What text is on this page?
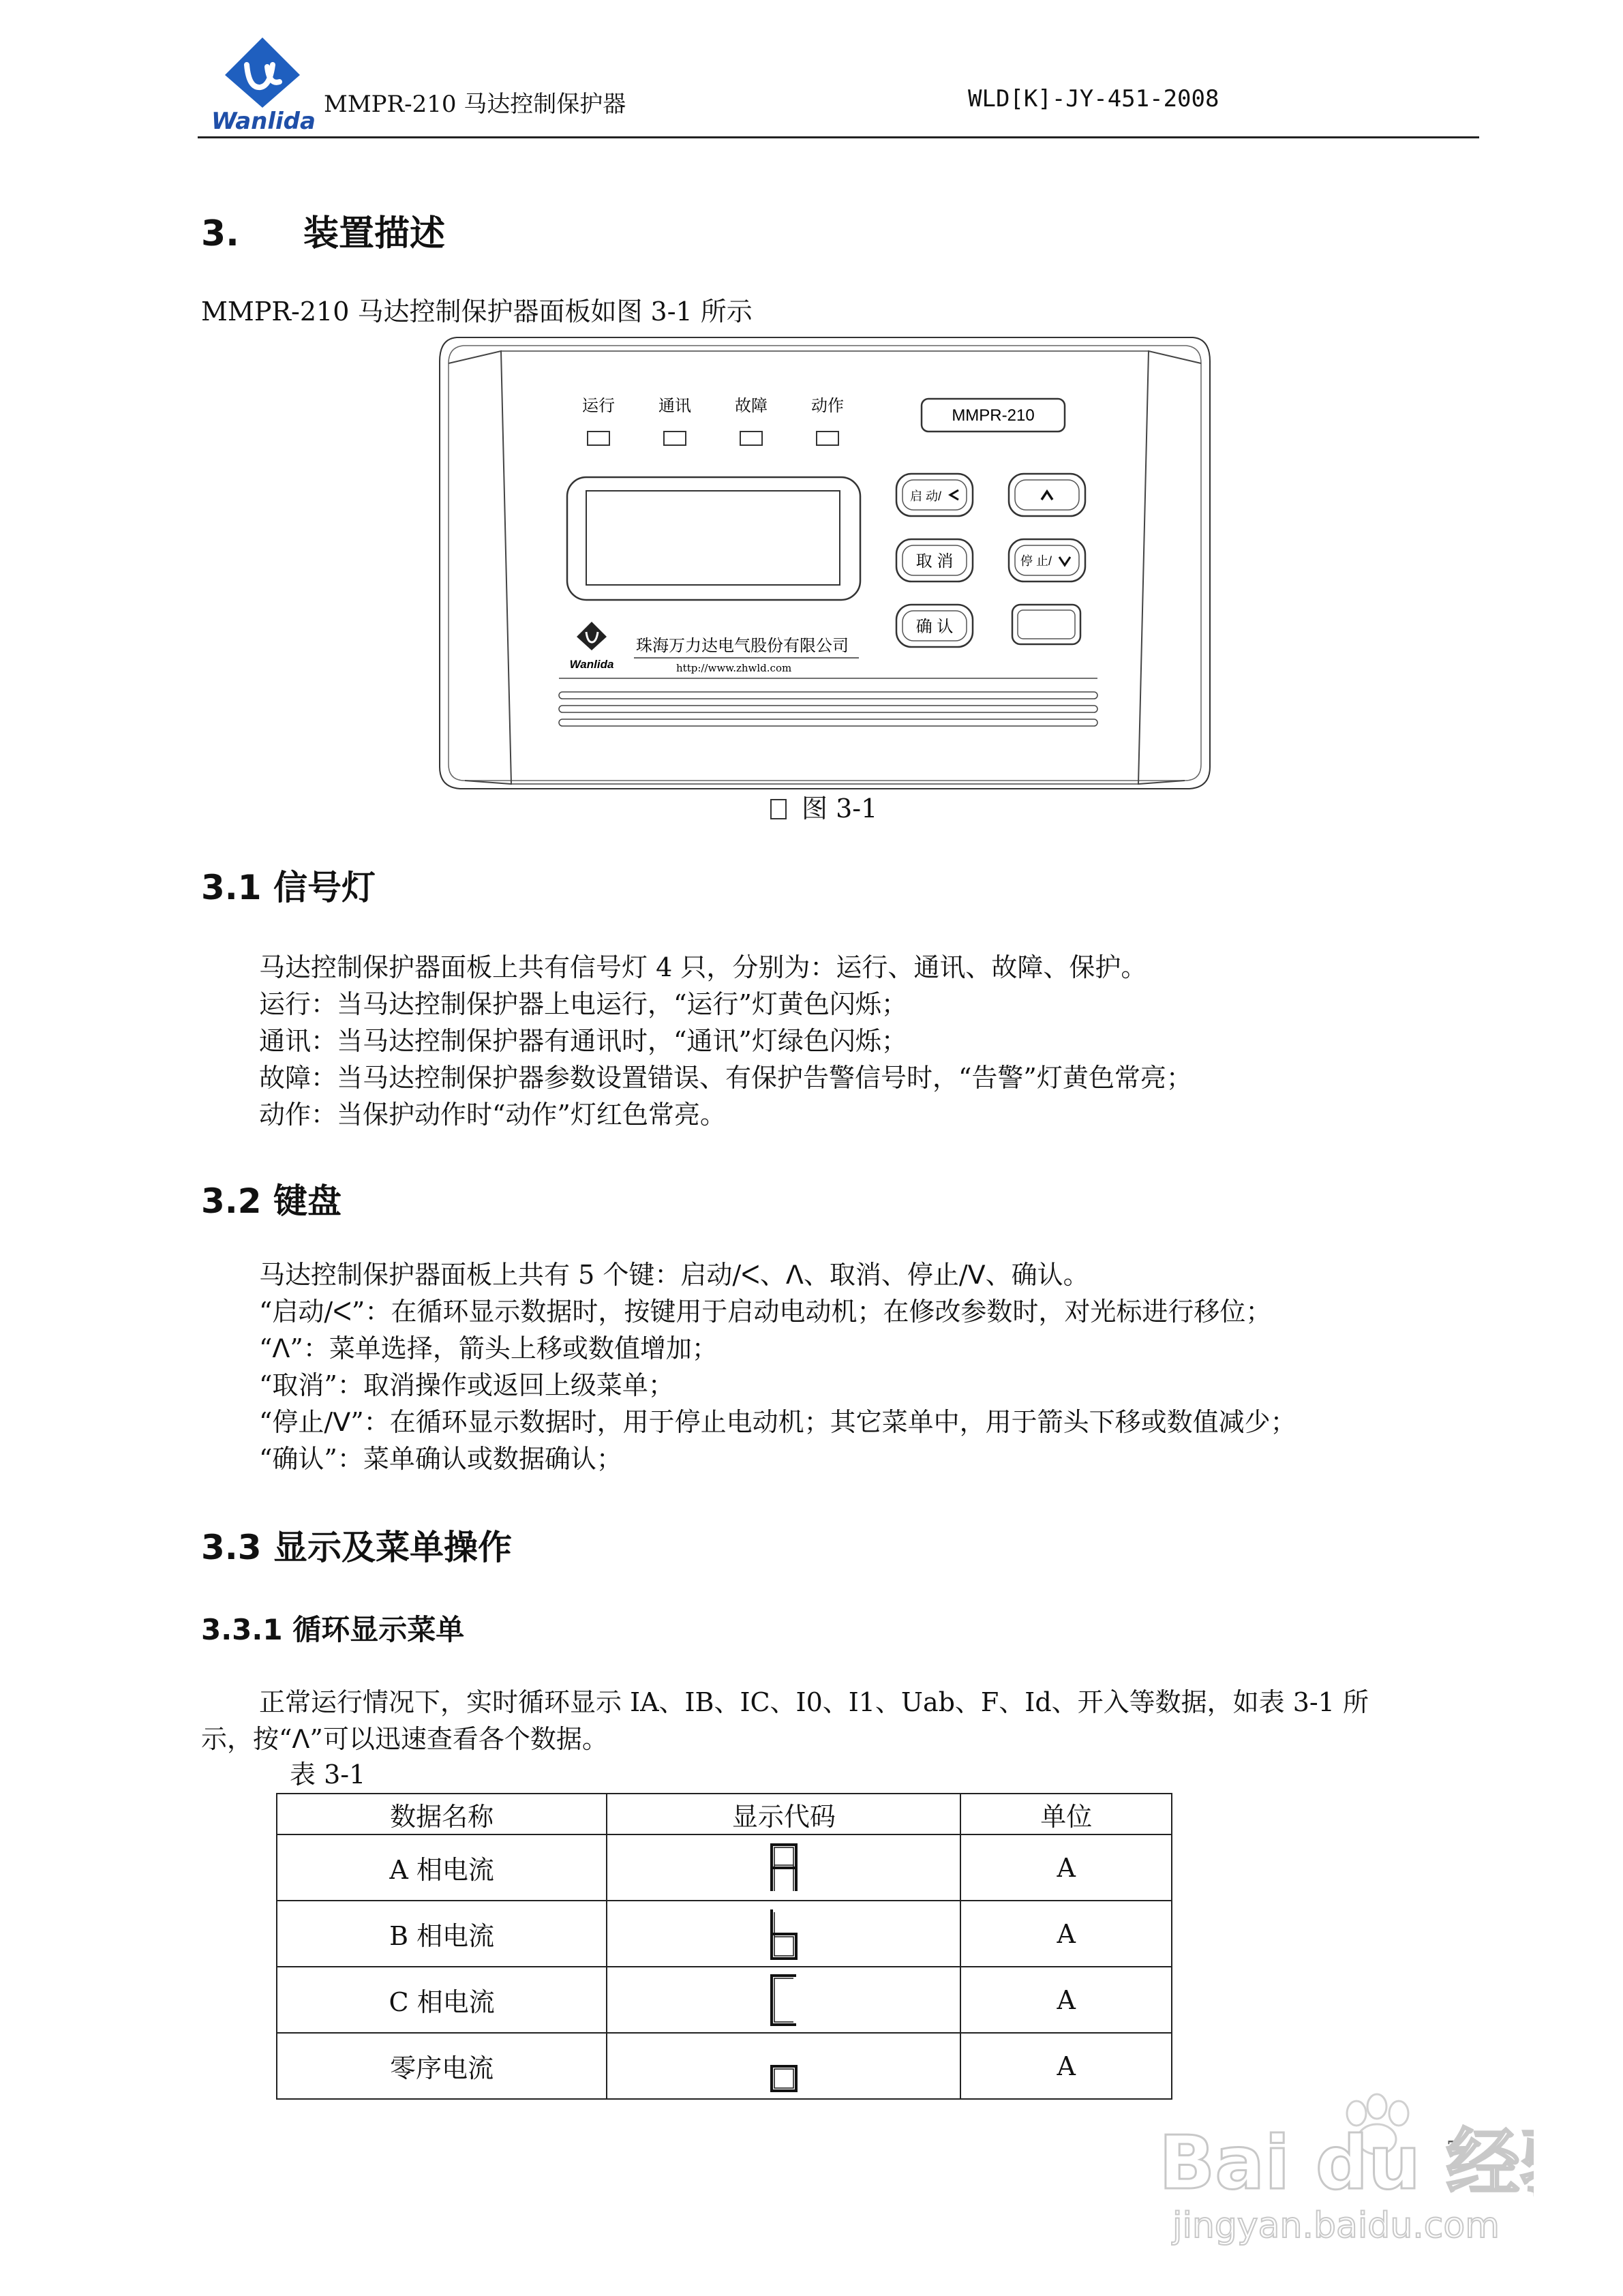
Wanlida
MMPR-210 马达控制保护器	WLD[K]-JY-451-2008
3. 装置描述
MMPR-210 马达控制保护器面板如图 3-1 所示
运行	通讯	故障	动作
MMPR-210
启 动/
取 消
确 认
停 止/
Wanlida
珠海万力达电气股份有限公司
http://www.zhwld.com
图 3-1
3.1 信号灯
马达控制保护器面板上共有信号灯 4 只，分别为：运行、通讯、故障、保护。
运行：当马达控制保护器上电运行，“运行”灯黄色闪烁；
通讯：当马达控制保护器有通讯时，“通讯”灯绿色闪烁；
故障：当马达控制保护器参数设置错误、有保护告警信号时，“告警”灯黄色常亮；
动作：当保护动作时“动作”灯红色常亮。
3.2 键盘
马达控制保护器面板上共有 5 个键：启动/ᐸ、ᐱ、取消、停止/ᐯ、确认。
“启动/ᐸ”：在循环显示数据时，按键用于启动电动机；在修改参数时，对光标进行移位；
“ᐱ”：菜单选择，箭头上移或数值增加；
“取消”：取消操作或返回上级菜单；
“停止/ᐯ”：在循环显示数据时，用于停止电动机；其它菜单中，用于箭头下移或数值减少；
“确认”：菜单确认或数据确认；
3.3 显示及菜单操作
3.3.1 循环显示菜单
正常运行情况下，实时循环显示 IA、IB、IC、I0、I1、Uab、F、Id、开入等数据，如表 3-1 所
示，按“ᐱ”可以迅速查看各个数据。
表 3-1
数据名称	显示代码	单位
A 相电流		A
B 相电流		A
C 相电流		A
零序电流		A
7
Bai du 经
jingyan.baidu.com
